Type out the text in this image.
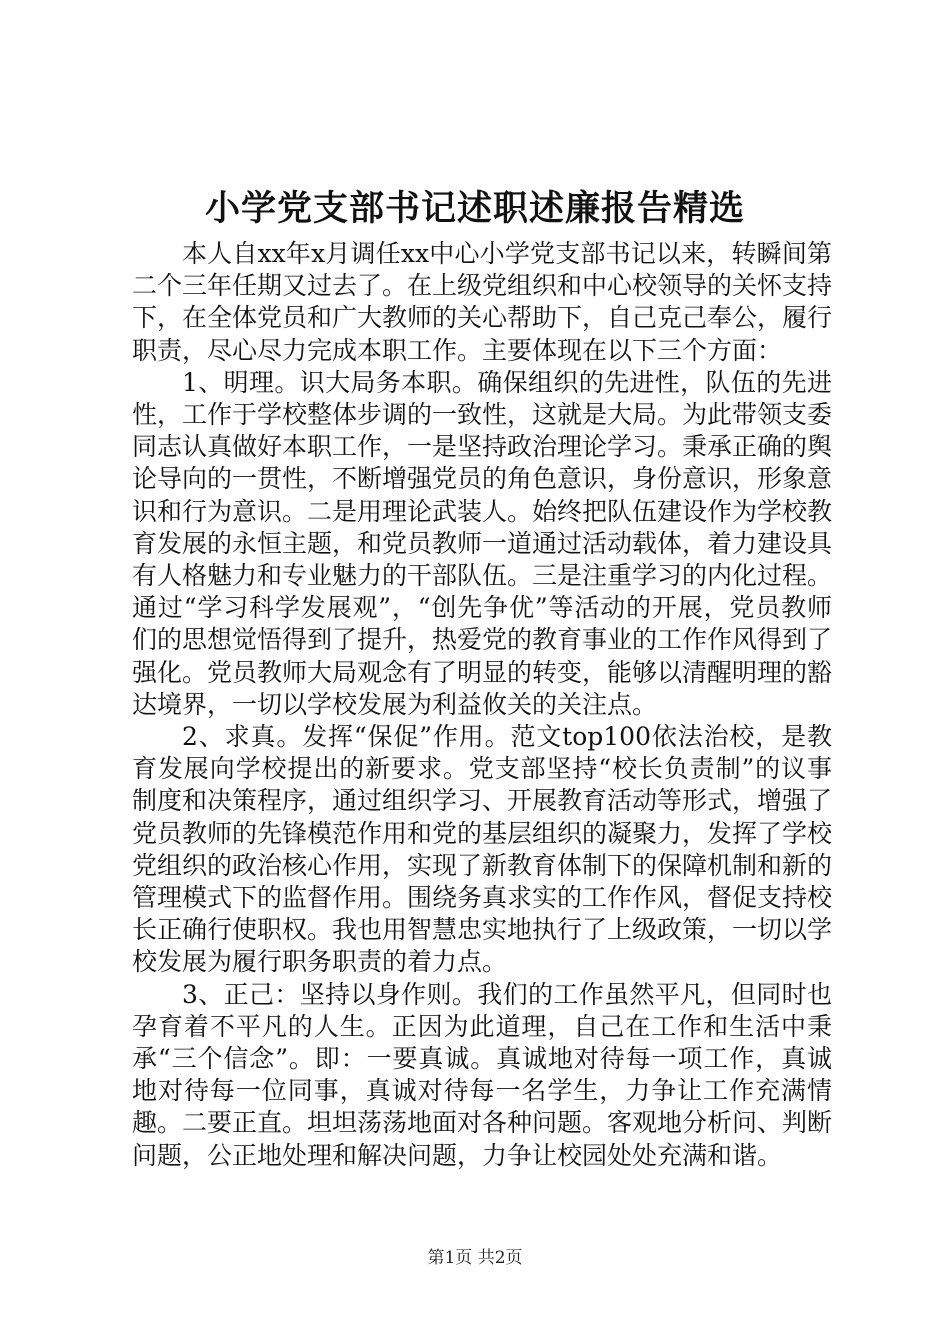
小学党支部书记述职述廉报告精选

本人自xx年x月调任xx中心小学党支部书记以来，转瞬间第二个三年任期又过去了。在上级党组织和中心校领导的关怀支持下，在全体党员和广大教师的关心帮助下，自己克己奉公，履行职责，尽心尽力完成本职工作。主要体现在以下三个方面：

1、明理。识大局务本职。确保组织的先进性，队伍的先进性，工作于学校整体步调的一致性，这就是大局。为此带领支委同志认真做好本职工作，一是坚持政治理论学习。秉承正确的舆论导向的一贯性，不断增强党员的角色意识，身份意识，形象意识和行为意识。二是用理论武装人。始终把队伍建设作为学校教育发展的永恒主题，和党员教师一道通过活动载体，着力建设具有人格魅力和专业魅力的干部队伍。三是注重学习的内化过程。通过“学习科学发展观”，“创先争优”等活动的开展，党员教师们的思想觉悟得到了提升，热爱党的教育事业的工作作风得到了强化。党员教师大局观念有了明显的转变，能够以清醒明理的豁达境界，一切以学校发展为利益攸关的关注点。

2、求真。发挥“保促”作用。范文top100依法治校，是教育发展向学校提出的新要求。党支部坚持“校长负责制”的议事制度和决策程序，通过组织学习、开展教育活动等形式，增强了党员教师的先锋模范作用和党的基层组织的凝聚力，发挥了学校党组织的政治核心作用，实现了新教育体制下的保障机制和新的管理模式下的监督作用。围绕务真求实的工作作风，督促支持校长正确行使职权。我也用智慧忠实地执行了上级政策，一切以学校发展为履行职务职责的着力点。

3、正己：坚持以身作则。我们的工作虽然平凡，但同时也孕育着不平凡的人生。正因为此道理，自己在工作和生活中秉承“三个信念”。即：一要真诚。真诚地对待每一项工作，真诚地对待每一位同事，真诚对待每一名学生，力争让工作充满情趣。二要正直。坦坦荡荡地面对各种问题。客观地分析问、判断问题，公正地处理和解决问题，力争让校园处处充满和谐。

第1页 共2页
